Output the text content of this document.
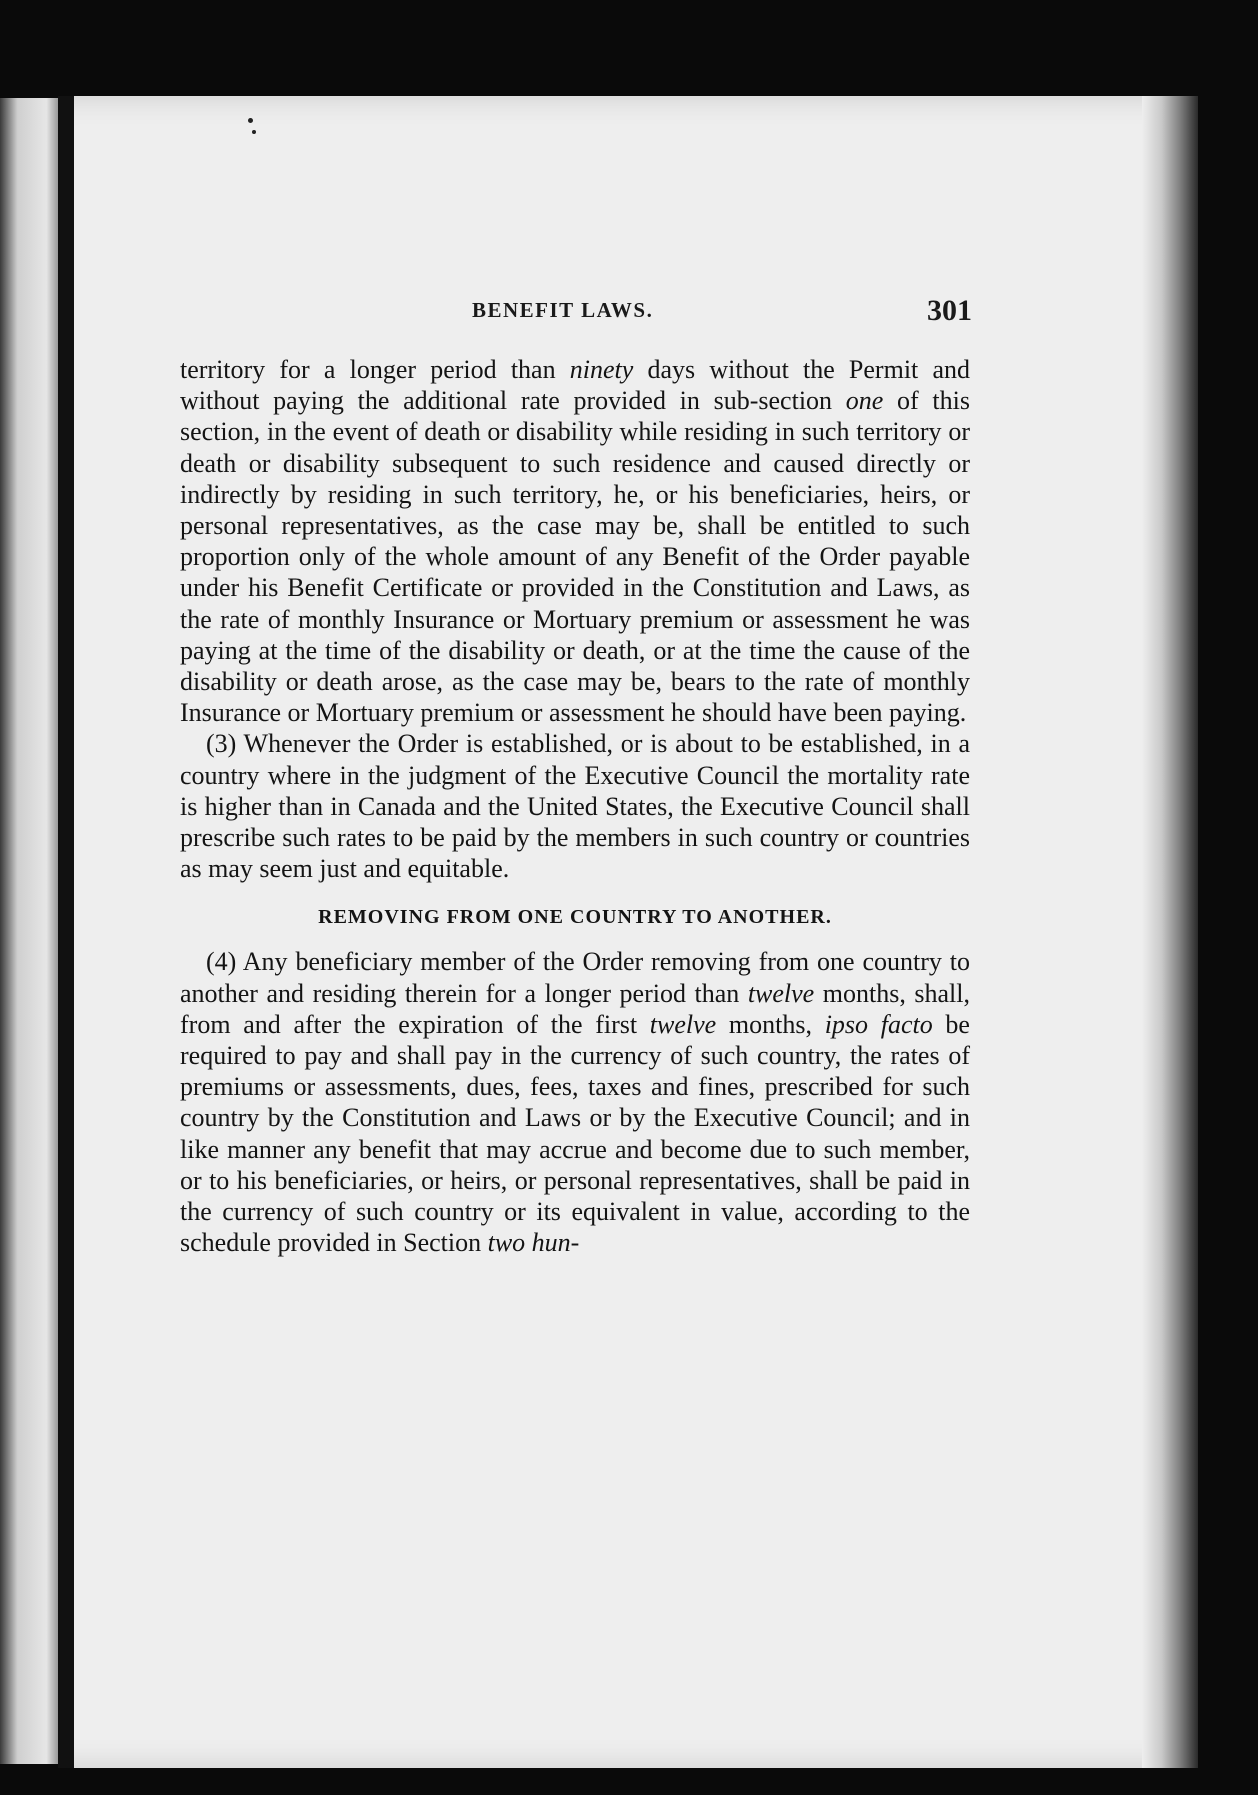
BENEFIT LAWS.	301

territory for a longer period than ninety days without the Permit and without paying the additional rate provided in sub-section one of this section, in the event of death or disability while residing in such territory or death or disability subsequent to such residence and caused directly or indirectly by residing in such territory, he, or his beneficiaries, heirs, or personal representatives, as the case may be, shall be entitled to such proportion only of the whole amount of any Benefit of the Order payable under his Benefit Certificate or provided in the Constitution and Laws, as the rate of monthly Insurance or Mortuary premium or assessment he was paying at the time of the disability or death, or at the time the cause of the disability or death arose, as the case may be, bears to the rate of monthly Insurance or Mortuary premium or assessment he should have been paying.

(3) Whenever the Order is established, or is about to be established, in a country where in the judgment of the Executive Council the mortality rate is higher than in Canada and the United States, the Executive Council shall prescribe such rates to be paid by the members in such country or countries as may seem just and equitable.

REMOVING FROM ONE COUNTRY TO ANOTHER.

(4) Any beneficiary member of the Order removing from one country to another and residing therein for a longer period than twelve months, shall, from and after the expiration of the first twelve months, ipso facto be required to pay and shall pay in the currency of such country, the rates of premiums or assessments, dues, fees, taxes and fines, prescribed for such country by the Constitution and Laws or by the Executive Council; and in like manner any benefit that may accrue and become due to such member, or to his beneficiaries, or heirs, or personal representatives, shall be paid in the currency of such country or its equivalent in value, according to the schedule provided in Section two hun-
